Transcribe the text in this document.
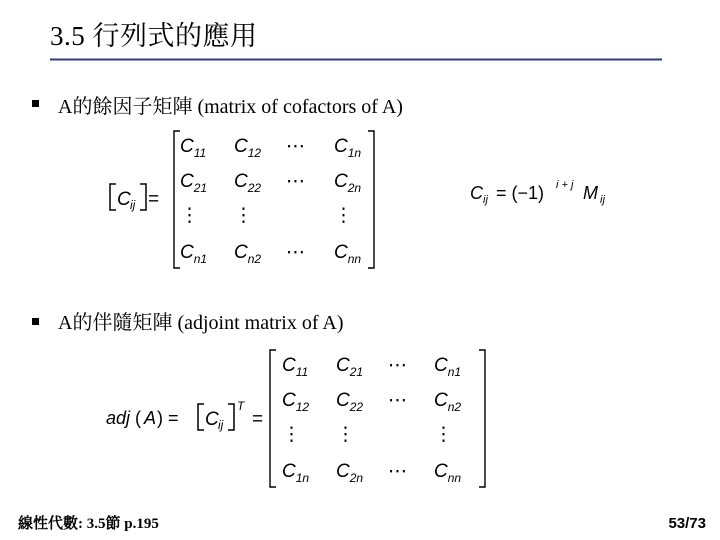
3.5 行列式的應用
A的餘因子矩陣 (matrix of cofactors of A)
A的伴隨矩陣 (adjoint matrix of A)
C ij =
$C_{11}$ $C_{12}$ ⋯ $C_{1n}$
$C_{21}$ $C_{22}$ ⋯ $C_{2n}$
⋮ ⋮	⋮
$C_{n1}$ $C_{n2}$ ⋯ $C_{nn}$
C ij = (−1) i + j M ij
adj ( A ) = C ij
T
=
$C_{11}$ $C_{21}$ ⋯ $C_{n1}$
$C_{12}$ $C_{22}$ ⋯ $C_{n2}$
⋮ ⋮	⋮
$C_{1n}$ $C_{2n}$ ⋯ $C_{nn}$
線性代數: 3.5節 p.195	53/73
